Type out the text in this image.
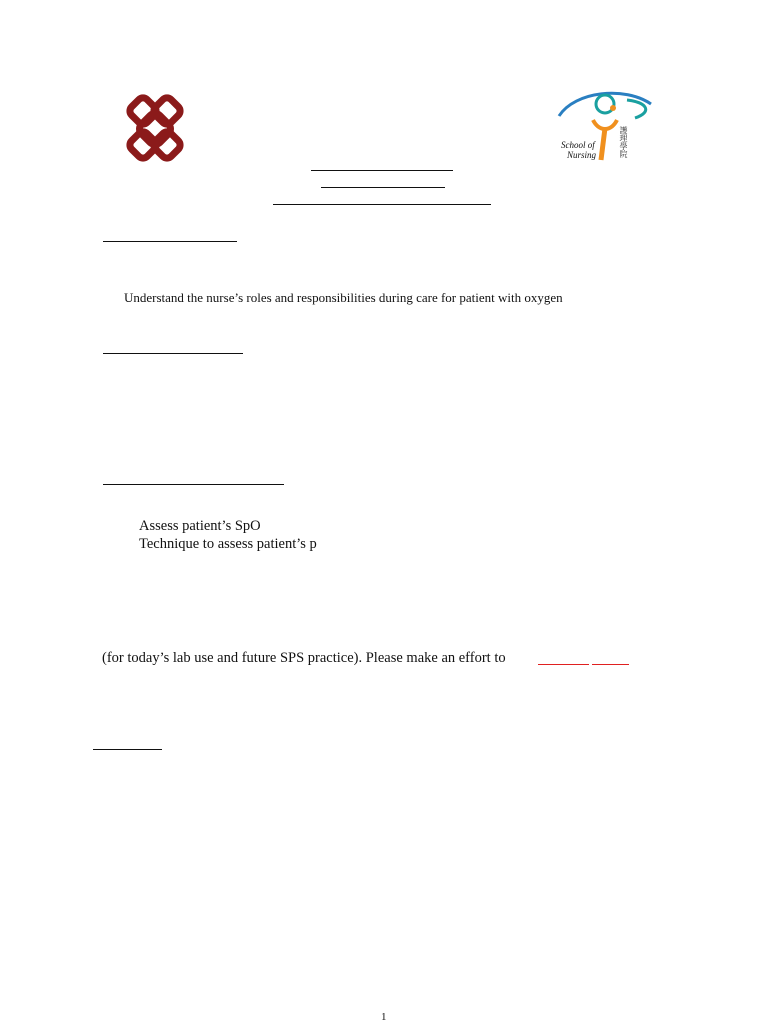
School of
Nursing	護理學院
Understand the nurse’s roles and responsibilities during care for patient with oxygen
Assess patient’s SpO
Technique to assess patient’s p
(for today’s lab use and future SPS practice). Please make an effort to
1
